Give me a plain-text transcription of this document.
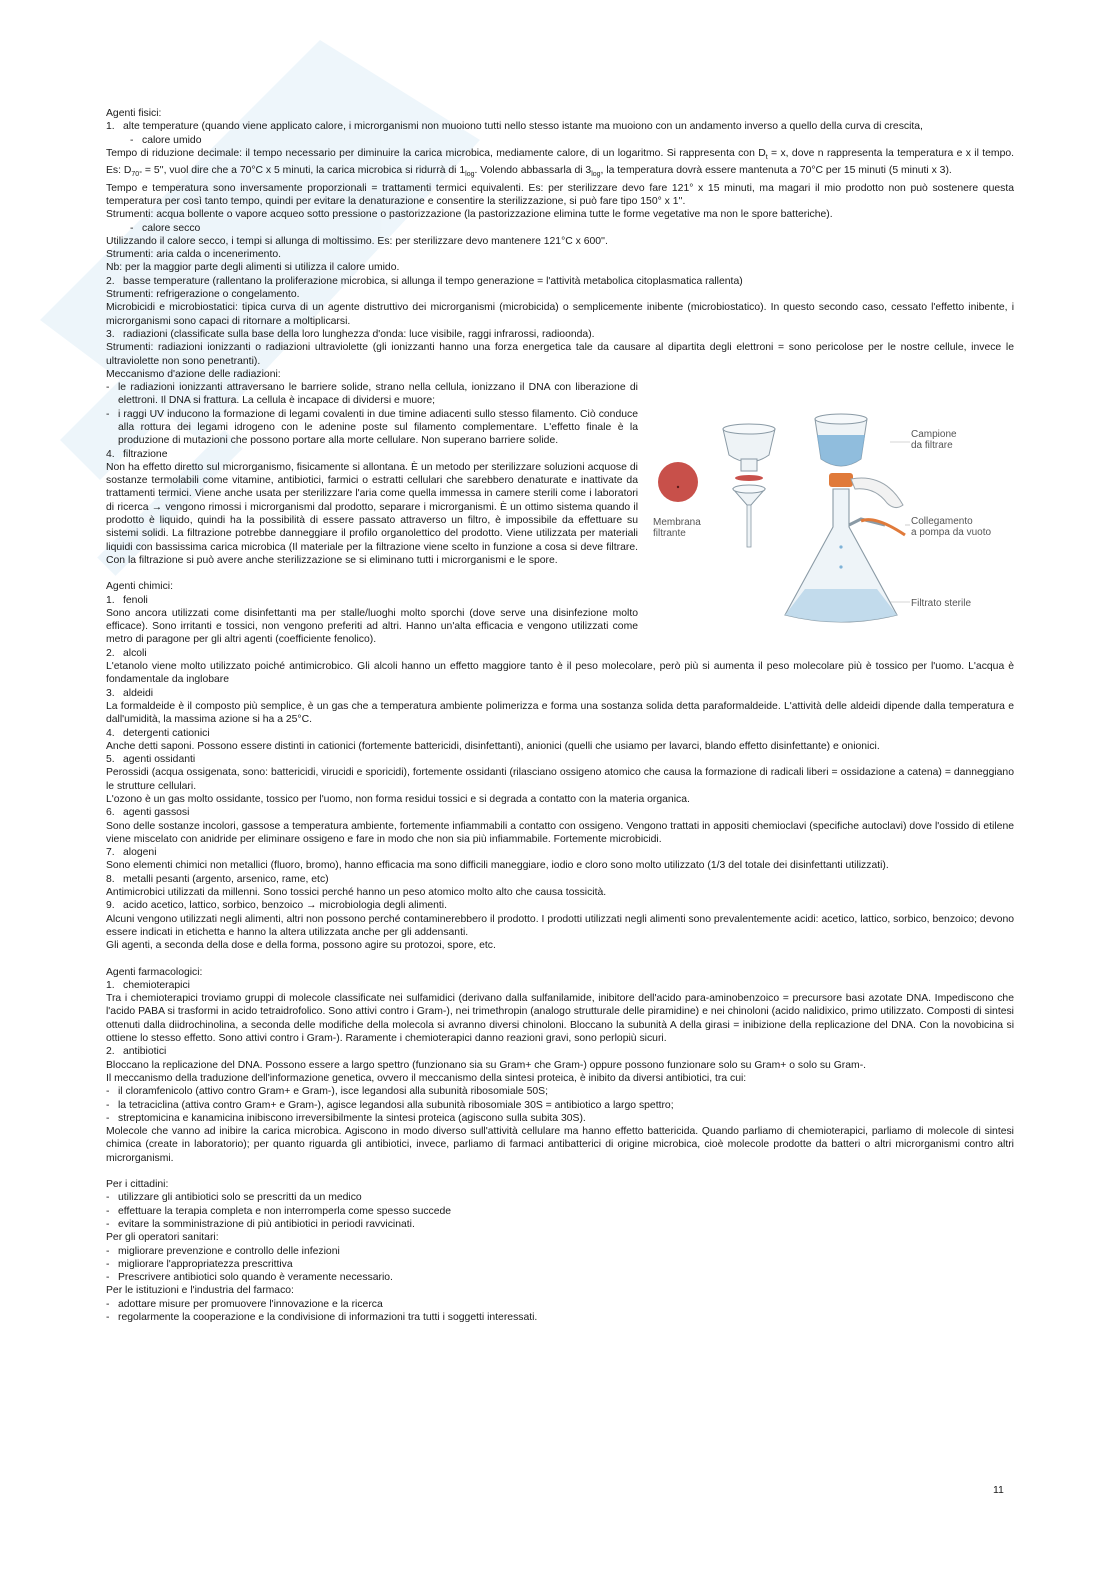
Agenti fisici:

1. alte temperature (quando viene applicato calore, i microrganismi non muoiono tutti nello stesso istante ma muoiono con un andamento inverso a quello della curva di crescita,
- calore umido

Tempo di riduzione decimale: il tempo necessario per diminuire la carica microbica, mediamente calore, di un logaritmo. Si rappresenta con $D_t = x$, dove n rappresenta la temperatura e x il tempo. Es: $D_{70^\circ} = 5''$, vuol dire che a 70°C x 5 minuti, la carica microbica si ridurrà di $1_{log}$. Volendo abbassarla di $3_{log}$, la temperatura dovrà essere mantenuta a 70°C per 15 minuti (5 minuti x 3).

Tempo e temperatura sono inversamente proporzionali = trattamenti termici equivalenti. Es: per sterilizzare devo fare 121° x 15 minuti, ma magari il mio prodotto non può sostenere questa temperatura per così tanto tempo, quindi per evitare la denaturazione e consentire la sterilizzazione, si può fare tipo 150° x 1''.

Strumenti: acqua bollente o vapore acqueo sotto pressione o pastorizzazione (la pastorizzazione elimina tutte le forme vegetative ma non le spore batteriche).

- calore secco

Utilizzando il calore secco, i tempi si allunga di moltissimo. Es: per sterilizzare devo mantenere 121°C x 600''.

Strumenti: aria calda o incenerimento.

Nb: per la maggior parte degli alimenti si utilizza il calore umido.

2. basse temperature (rallentano la proliferazione microbica, si allunga il tempo generazione = l'attività metabolica citoplasmatica rallenta)

Strumenti: refrigerazione o congelamento.

Microbicidi e microbiostatici: tipica curva di un agente distruttivo dei microrganismi (microbicida) o semplicemente inibente (microbiostatico). In questo secondo caso, cessato l'effetto inibente, i microrganismi sono capaci di ritornare a moltiplicarsi.

3. radiazioni (classificate sulla base della loro lunghezza d'onda: luce visibile, raggi infrarossi, radioonda).

Strumenti: radiazioni ionizzanti o radiazioni ultraviolette (gli ionizzanti hanno una forza energetica tale da causare al dipartita degli elettroni = sono pericolose per le nostre cellule, invece le ultraviolette non sono penetranti).

Meccanismo d'azione delle radiazioni:

- le radiazioni ionizzanti attraversano le barriere solide, strano nella cellula, ionizzano il DNA con liberazione di elettroni. Il DNA si frattura. La cellula è incapace di dividersi e muore;
- i raggi UV inducono la formazione di legami covalenti in due timine adiacenti sullo stesso filamento. Ciò conduce alla rottura dei legami idrogeno con le adenine poste sul filamento complementare. L'effetto finale è la produzione di mutazioni che possono portare alla morte cellulare. Non superano barriere solide.
4. filtrazione

Non ha effetto diretto sul microrganismo, fisicamente si allontana. È un metodo per sterilizzare soluzioni acquose di sostanze termolabili come vitamine, antibiotici, farmici o estratti cellulari che sarebbero denaturate e inattivate da trattamenti termici. Viene anche usata per sterilizzare l'aria come quella immessa in camere sterili come i laboratori di ricerca → vengono rimossi i microrganismi dal prodotto, separare i microrganismi. È un ottimo sistema quando il prodotto è liquido, quindi ha la possibilità di essere passato attraverso un filtro, è impossibile da effettuare su sistemi solidi. La filtrazione potrebbe danneggiare il profilo organolettico del prodotto. Viene utilizzata per materiali liquidi con bassissima carica microbica (Il materiale per la filtrazione viene scelto in funzione a cosa si deve filtrare. Con la filtrazione si può avere anche sterilizzazione se si eliminano tutti i microrganismi e le spore.

Agenti chimici:

1. fenoli

Sono ancora utilizzati come disinfettanti ma per stalle/luoghi molto sporchi (dove serve una disinfezione molto efficace). Sono irritanti e tossici, non vengono preferiti ad altri. Hanno un'alta efficacia e vengono utilizzati come metro di paragone per gli altri agenti (coefficiente fenolico).

2. alcoli

L'etanolo viene molto utilizzato poiché antimicrobico. Gli alcoli hanno un effetto maggiore tanto è il peso molecolare, però più si aumenta il peso molecolare più è tossico per l'uomo. L'acqua è fondamentale da inglobare

3. aldeidi

La formaldeide è il composto più semplice, è un gas che a temperatura ambiente polimerizza e forma una sostanza solida detta paraformaldeide. L'attività delle aldeidi dipende dalla temperatura e dall'umidità, la massima azione si ha a 25°C.

4. detergenti cationici

Anche detti saponi. Possono essere distinti in cationici (fortemente battericidi, disinfettanti), anionici (quelli che usiamo per lavarci, blando effetto disinfettante) e onionici.

5. agenti ossidanti

Perossidi (acqua ossigenata, sono: battericidi, virucidi e sporicidi), fortemente ossidanti (rilasciano ossigeno atomico che causa la formazione di radicali liberi = ossidazione a catena) = danneggiano le strutture cellulari.

L'ozono è un gas molto ossidante, tossico per l'uomo, non forma residui tossici e si degrada a contatto con la materia organica.

6. agenti gassosi

Sono delle sostanze incolori, gassose a temperatura ambiente, fortemente infiammabili a contatto con ossigeno. Vengono trattati in appositi chemioclavi (specifiche autoclavi) dove l'ossido di etilene viene miscelato con anidride per eliminare ossigeno e fare in modo che non sia più infiammabile. Fortemente microbicidi.

7. alogeni

Sono elementi chimici non metallici (fluoro, bromo), hanno efficacia ma sono difficili maneggiare, iodio e cloro sono molto utilizzato (1/3 del totale dei disinfettanti utilizzati).

8. metalli pesanti (argento, arsenico, rame, etc)

Antimicrobici utilizzati da millenni. Sono tossici perché hanno un peso atomico molto alto che causa tossicità.

9. acido acetico, lattico, sorbico, benzoico → microbiologia degli alimenti.

Alcuni vengono utilizzati negli alimenti, altri non possono perché contaminerebbero il prodotto. I prodotti utilizzati negli alimenti sono prevalentemente acidi: acetico, lattico, sorbico, benzoico; devono essere indicati in etichetta e hanno la altera utilizzata anche per gli addensanti.

Gli agenti, a seconda della dose e della forma, possono agire su protozoi, spore, etc.

Agenti farmacologici:

1. chemioterapici

Tra i chemioterapici troviamo gruppi di molecole classificate nei sulfamidici (derivano dalla sulfanilamide, inibitore dell'acido para-aminobenzoico = precursore basi azotate DNA. Impediscono che l'acido PABA si trasformi in acido tetraidrofolico. Sono attivi contro i Gram-), nei trimethropin (analogo strutturale delle piramidine) e nei chinoloni (acido nalidixico, primo utilizzato. Composti di sintesi ottenuti dalla diidrochinolina, a seconda delle modifiche della molecola si avranno diversi chinoloni. Bloccano la subunità A della girasi = inibizione della replicazione del DNA. Con la novobicina si ottiene lo stesso effetto. Sono attivi contro i Gram-). Raramente i chemioterapici danno reazioni gravi, sono perlopiù sicuri.

2. antibiotici

Bloccano la replicazione del DNA. Possono essere a largo spettro (funzionano sia su Gram+ che Gram-) oppure possono funzionare solo su Gram+ o solo su Gram-.

Il meccanismo della traduzione dell'informazione genetica, ovvero il meccanismo della sintesi proteica, è inibito da diversi antibiotici, tra cui:

- il cloramfenicolo (attivo contro Gram+ e Gram-), isce legandosi alla subunità ribosomiale 50S;
- la tetraciclina (attiva contro Gram+ e Gram-), agisce legandosi alla subunità ribosomiale 30S = antibiotico a largo spettro;
- streptomicina e kanamicina inibiscono irreversibilmente la sintesi proteica (agiscono sulla subita 30S).

Molecole che vanno ad inibire la carica microbica. Agiscono in modo diverso sull'attività cellulare ma hanno effetto battericida. Quando parliamo di chemioterapici, parliamo di molecole di sintesi chimica (create in laboratorio); per quanto riguarda gli antibiotici, invece, parliamo di farmaci antibatterici di origine microbica, cioè molecole prodotte da batteri o altri microrganismi contro altri microrganismi.

Per i cittadini:

- utilizzare gli antibiotici solo se prescritti da un medico
- effettuare la terapia completa e non interromperla come spesso succede
- evitare la somministrazione di più antibiotici in periodi ravvicinati.

Per gli operatori sanitari:

- migliorare prevenzione e controllo delle infezioni
- migliorare l'appropriatezza prescrittiva
- Prescrivere antibiotici solo quando è veramente necessario.

Per le istituzioni e l'industria del farmaco:

- adottare misure per promuovere l'innovazione e la ricerca
- regolarmente la cooperazione e la condivisione di informazioni tra tutti i soggetti interessati.
Membrana
filtrante
Campione
da filtrare
Collegamento
a pompa da vuoto
Filtrato sterile
11
